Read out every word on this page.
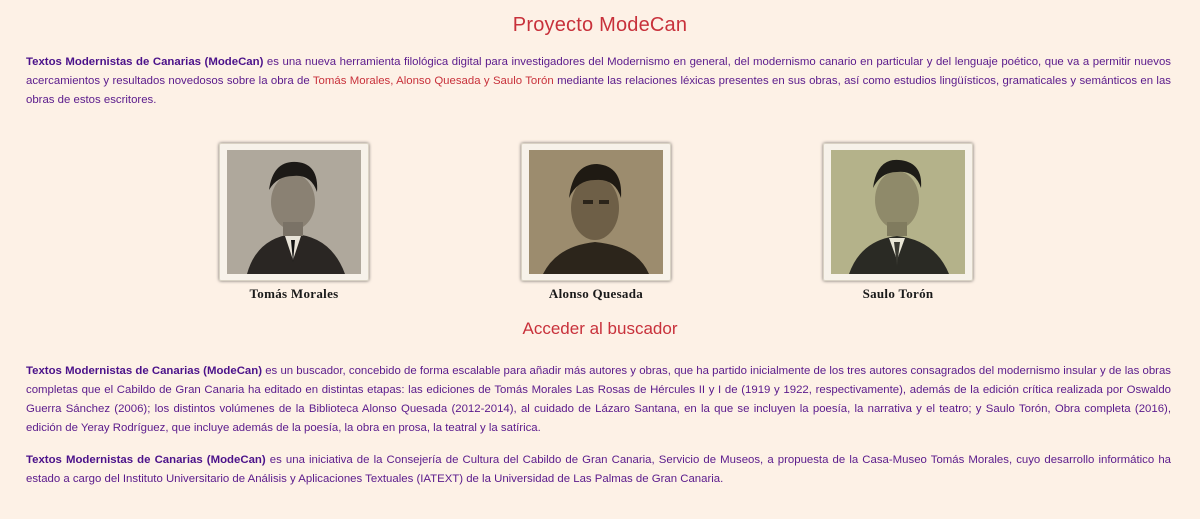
Proyecto ModeCan
Textos Modernistas de Canarias (ModeCan) es una nueva herramienta filológica digital para investigadores del Modernismo en general, del modernismo canario en particular y del lenguaje poético, que va a permitir nuevos acercamientos y resultados novedosos sobre la obra de Tomás Morales, Alonso Quesada y Saulo Torón mediante las relaciones léxicas presentes en sus obras, así como estudios lingüísticos, gramaticales y semánticos en las obras de estos escritores.
Tomás Morales	Alonso Quesada	Saulo Torón
Acceder al buscador
Textos Modernistas de Canarias (ModeCan) es un buscador, concebido de forma escalable para añadir más autores y obras, que ha partido inicialmente de los tres autores consagrados del modernismo insular y de las obras completas que el Cabildo de Gran Canaria ha editado en distintas etapas: las ediciones de Tomás Morales Las Rosas de Hércules II y I de (1919 y 1922, respectivamente), además de la edición crítica realizada por Oswaldo Guerra Sánchez (2006); los distintos volúmenes de la Biblioteca Alonso Quesada (2012-2014), al cuidado de Lázaro Santana, en la que se incluyen la poesía, la narrativa y el teatro; y Saulo Torón, Obra completa (2016), edición de Yeray Rodríguez, que incluye además de la poesía, la obra en prosa, la teatral y la satírica.
Textos Modernistas de Canarias (ModeCan) es una iniciativa de la Consejería de Cultura del Cabildo de Gran Canaria, Servicio de Museos, a propuesta de la Casa-Museo Tomás Morales, cuyo desarrollo informático ha estado a cargo del Instituto Universitario de Análisis y Aplicaciones Textuales (IATEXT) de la Universidad de Las Palmas de Gran Canaria.
